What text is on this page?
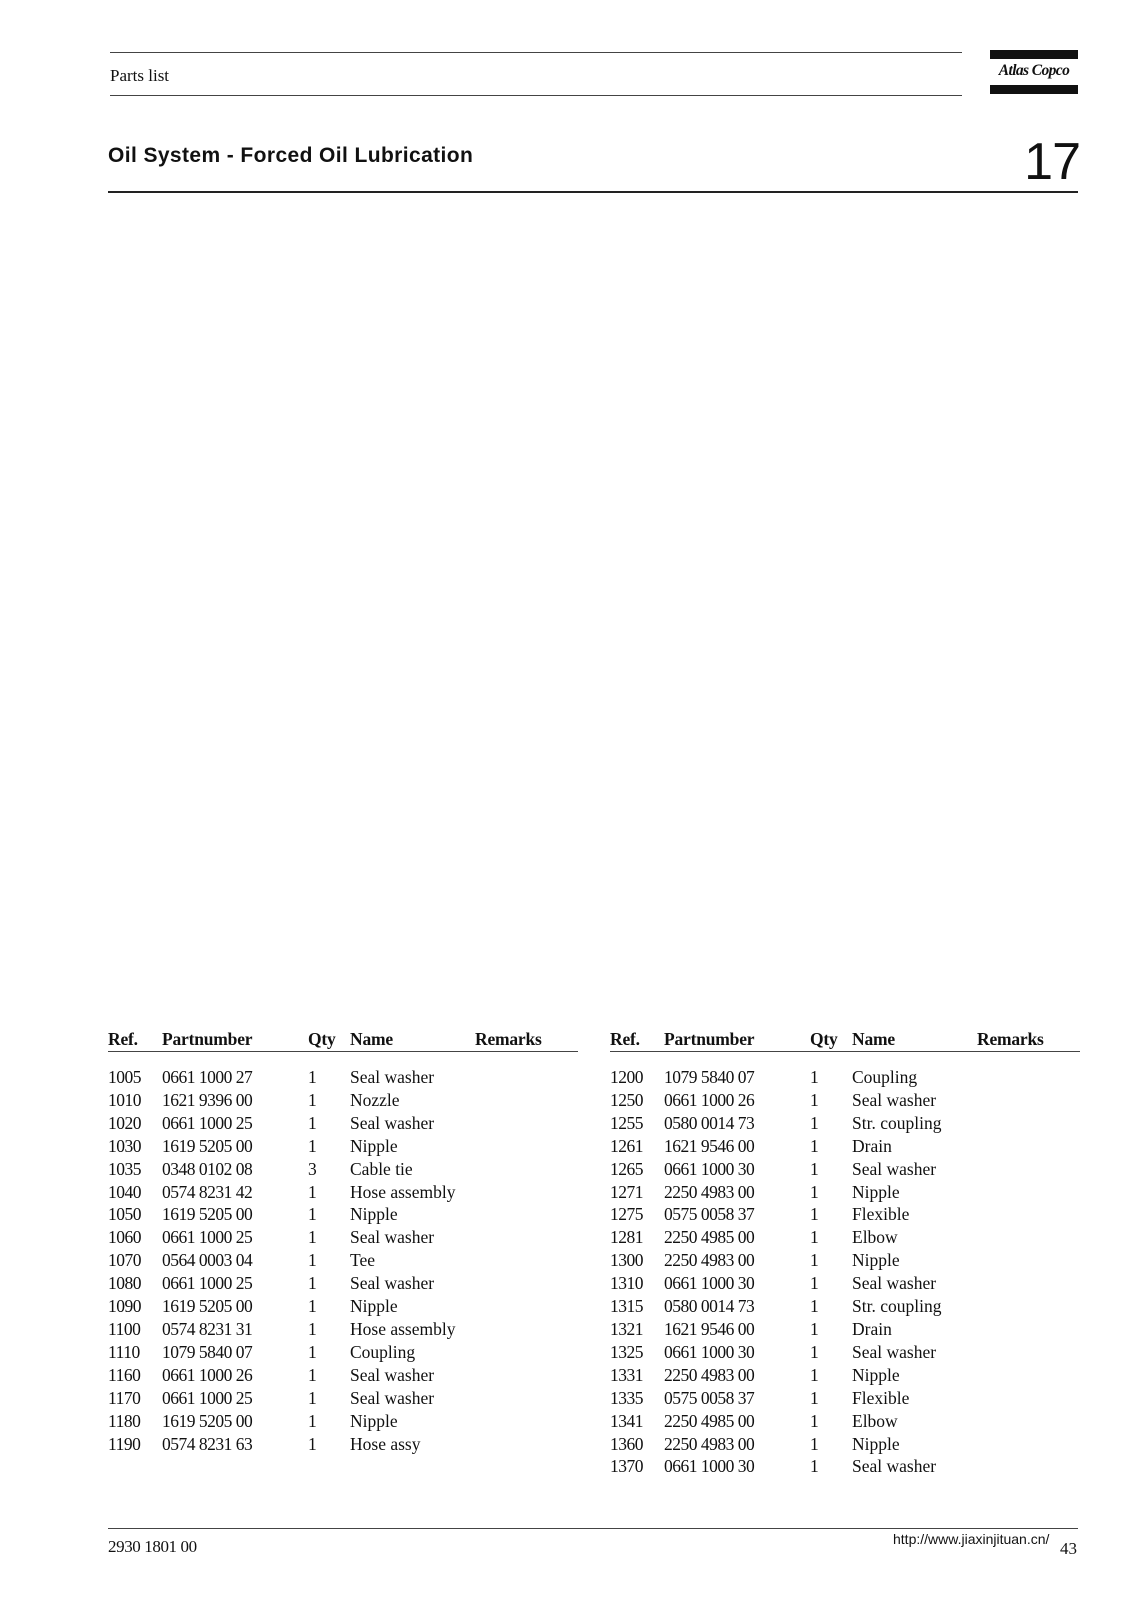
Parts list	Atlas Copco
Oil System - Forced Oil Lubrication	17
Ref.	Partnumber	Qty	Name	Remarks

1005	0661 1000 27	1	Seal washer	
1010	1621 9396 00	1	Nozzle	
1020	0661 1000 25	1	Seal washer	
1030	1619 5205 00	1	Nipple	
1035	0348 0102 08	3	Cable tie	
1040	0574 8231 42	1	Hose assembly	
1050	1619 5205 00	1	Nipple	
1060	0661 1000 25	1	Seal washer	
1070	0564 0003 04	1	Tee	
1080	0661 1000 25	1	Seal washer	
1090	1619 5205 00	1	Nipple	
1100	0574 8231 31	1	Hose assembly	
1110	1079 5840 07	1	Coupling	
1160	0661 1000 26	1	Seal washer	
1170	0661 1000 25	1	Seal washer	
1180	1619 5205 00	1	Nipple	
1190	0574 8231 63	1	Hose assy	
Ref.	Partnumber	Qty	Name	Remarks

1200	1079 5840 07	1	Coupling	
1250	0661 1000 26	1	Seal washer	
1255	0580 0014 73	1	Str. coupling	
1261	1621 9546 00	1	Drain	
1265	0661 1000 30	1	Seal washer	
1271	2250 4983 00	1	Nipple	
1275	0575 0058 37	1	Flexible	
1281	2250 4985 00	1	Elbow	
1300	2250 4983 00	1	Nipple	
1310	0661 1000 30	1	Seal washer	
1315	0580 0014 73	1	Str. coupling	
1321	1621 9546 00	1	Drain	
1325	0661 1000 30	1	Seal washer	
1331	2250 4983 00	1	Nipple	
1335	0575 0058 37	1	Flexible	
1341	2250 4985 00	1	Elbow	
1360	2250 4983 00	1	Nipple	
1370	0661 1000 30	1	Seal washer	
2930 1801 00	http://www.jiaxinjituan.cn/ 43
